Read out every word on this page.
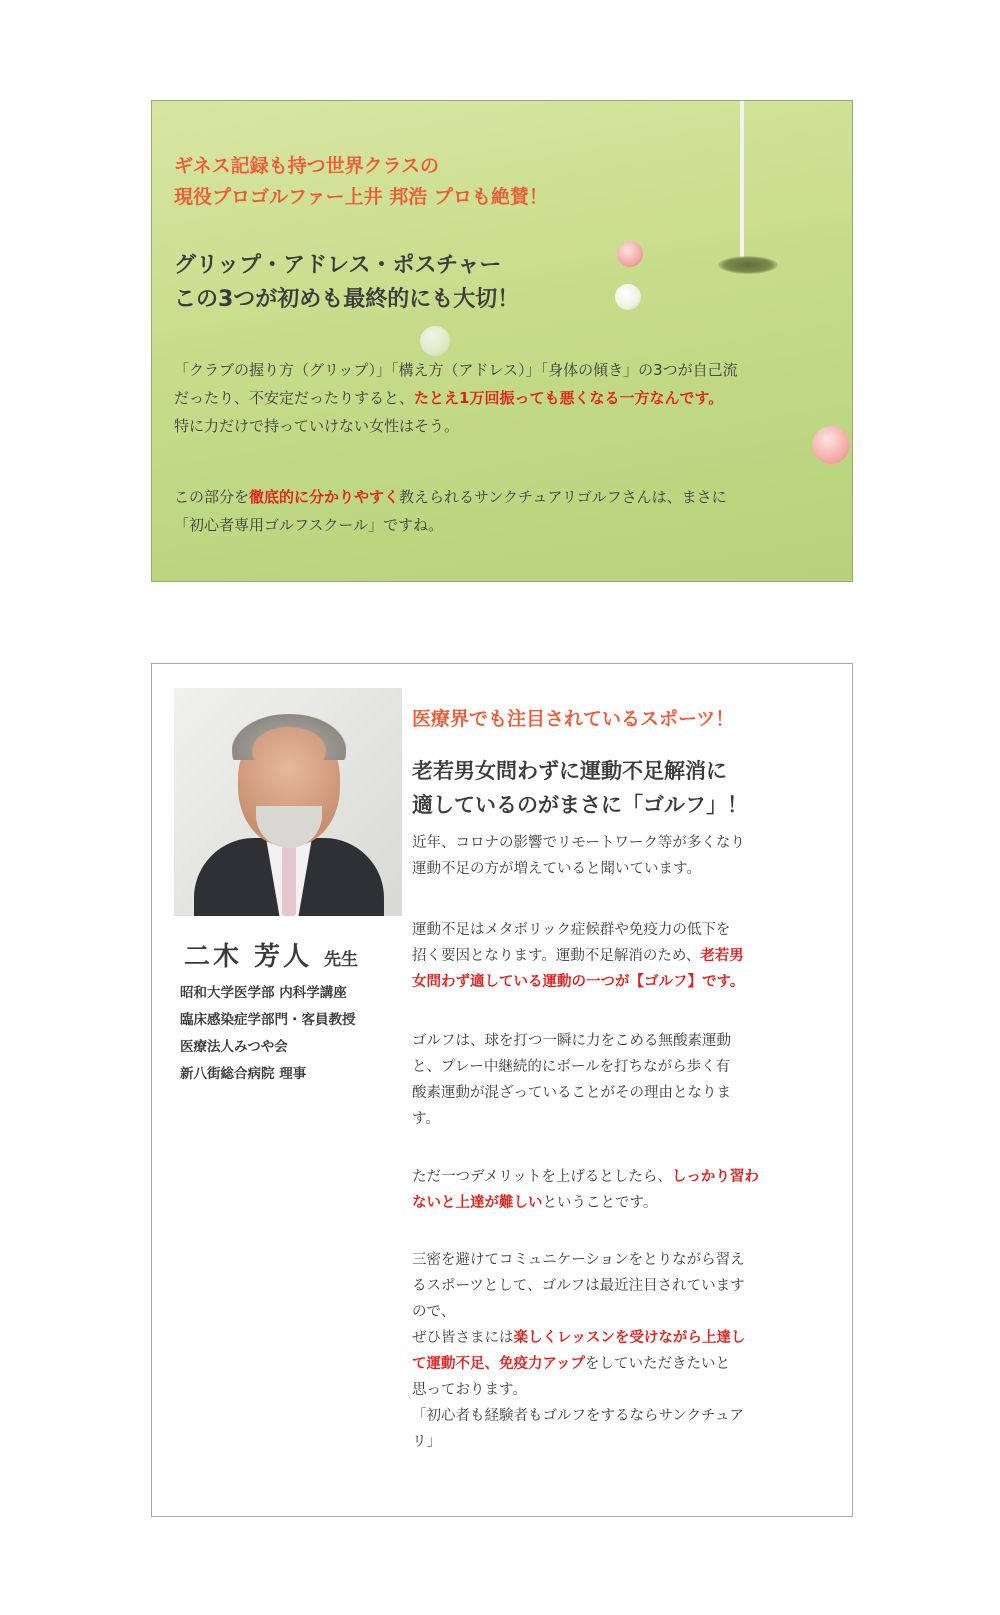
ギネス記録も持つ世界クラスの
現役プロゴルファー上井 邦浩 プロも絶賛！
グリップ・アドレス・ポスチャー
この3つが初めも最終的にも大切！
「クラブの握り方（グリップ）」「構え方（アドレス）」「身体の傾き」の3つが自己流
だったり、不安定だったりすると、たとえ1万回振っても悪くなる一方なんです。
特に力だけで持っていけない女性はそう。
この部分を徹底的に分かりやすく教えられるサンクチュアリゴルフさんは、まさに
「初心者専用ゴルフスクール」ですね。
二木 芳人 先生
昭和大学医学部 内科学講座
臨床感染症学部門・客員教授
医療法人みつや会
新八街総合病院 理事
医療界でも注目されているスポーツ！
老若男女問わずに運動不足解消に
適しているのがまさに「ゴルフ」！
近年、コロナの影響でリモートワーク等が多くなり
運動不足の方が増えていると聞いています。
運動不足はメタボリック症候群や免疫力の低下を
招く要因となります。運動不足解消のため、老若男
女問わず適している運動の一つが【ゴルフ】です。
ゴルフは、球を打つ一瞬に力をこめる無酸素運動
と、プレー中継続的にボールを打ちながら歩く有
酸素運動が混ざっていることがその理由となりま
す。
ただ一つデメリットを上げるとしたら、しっかり習わ
ないと上達が難しいということです。
三密を避けてコミュニケーションをとりながら習え
るスポーツとして、ゴルフは最近注目されています
ので、
ぜひ皆さまには楽しくレッスンを受けながら上達し
て運動不足、免疫力アップをしていただきたいと
思っております。
「初心者も経験者もゴルフをするならサンクチュア
リ」
